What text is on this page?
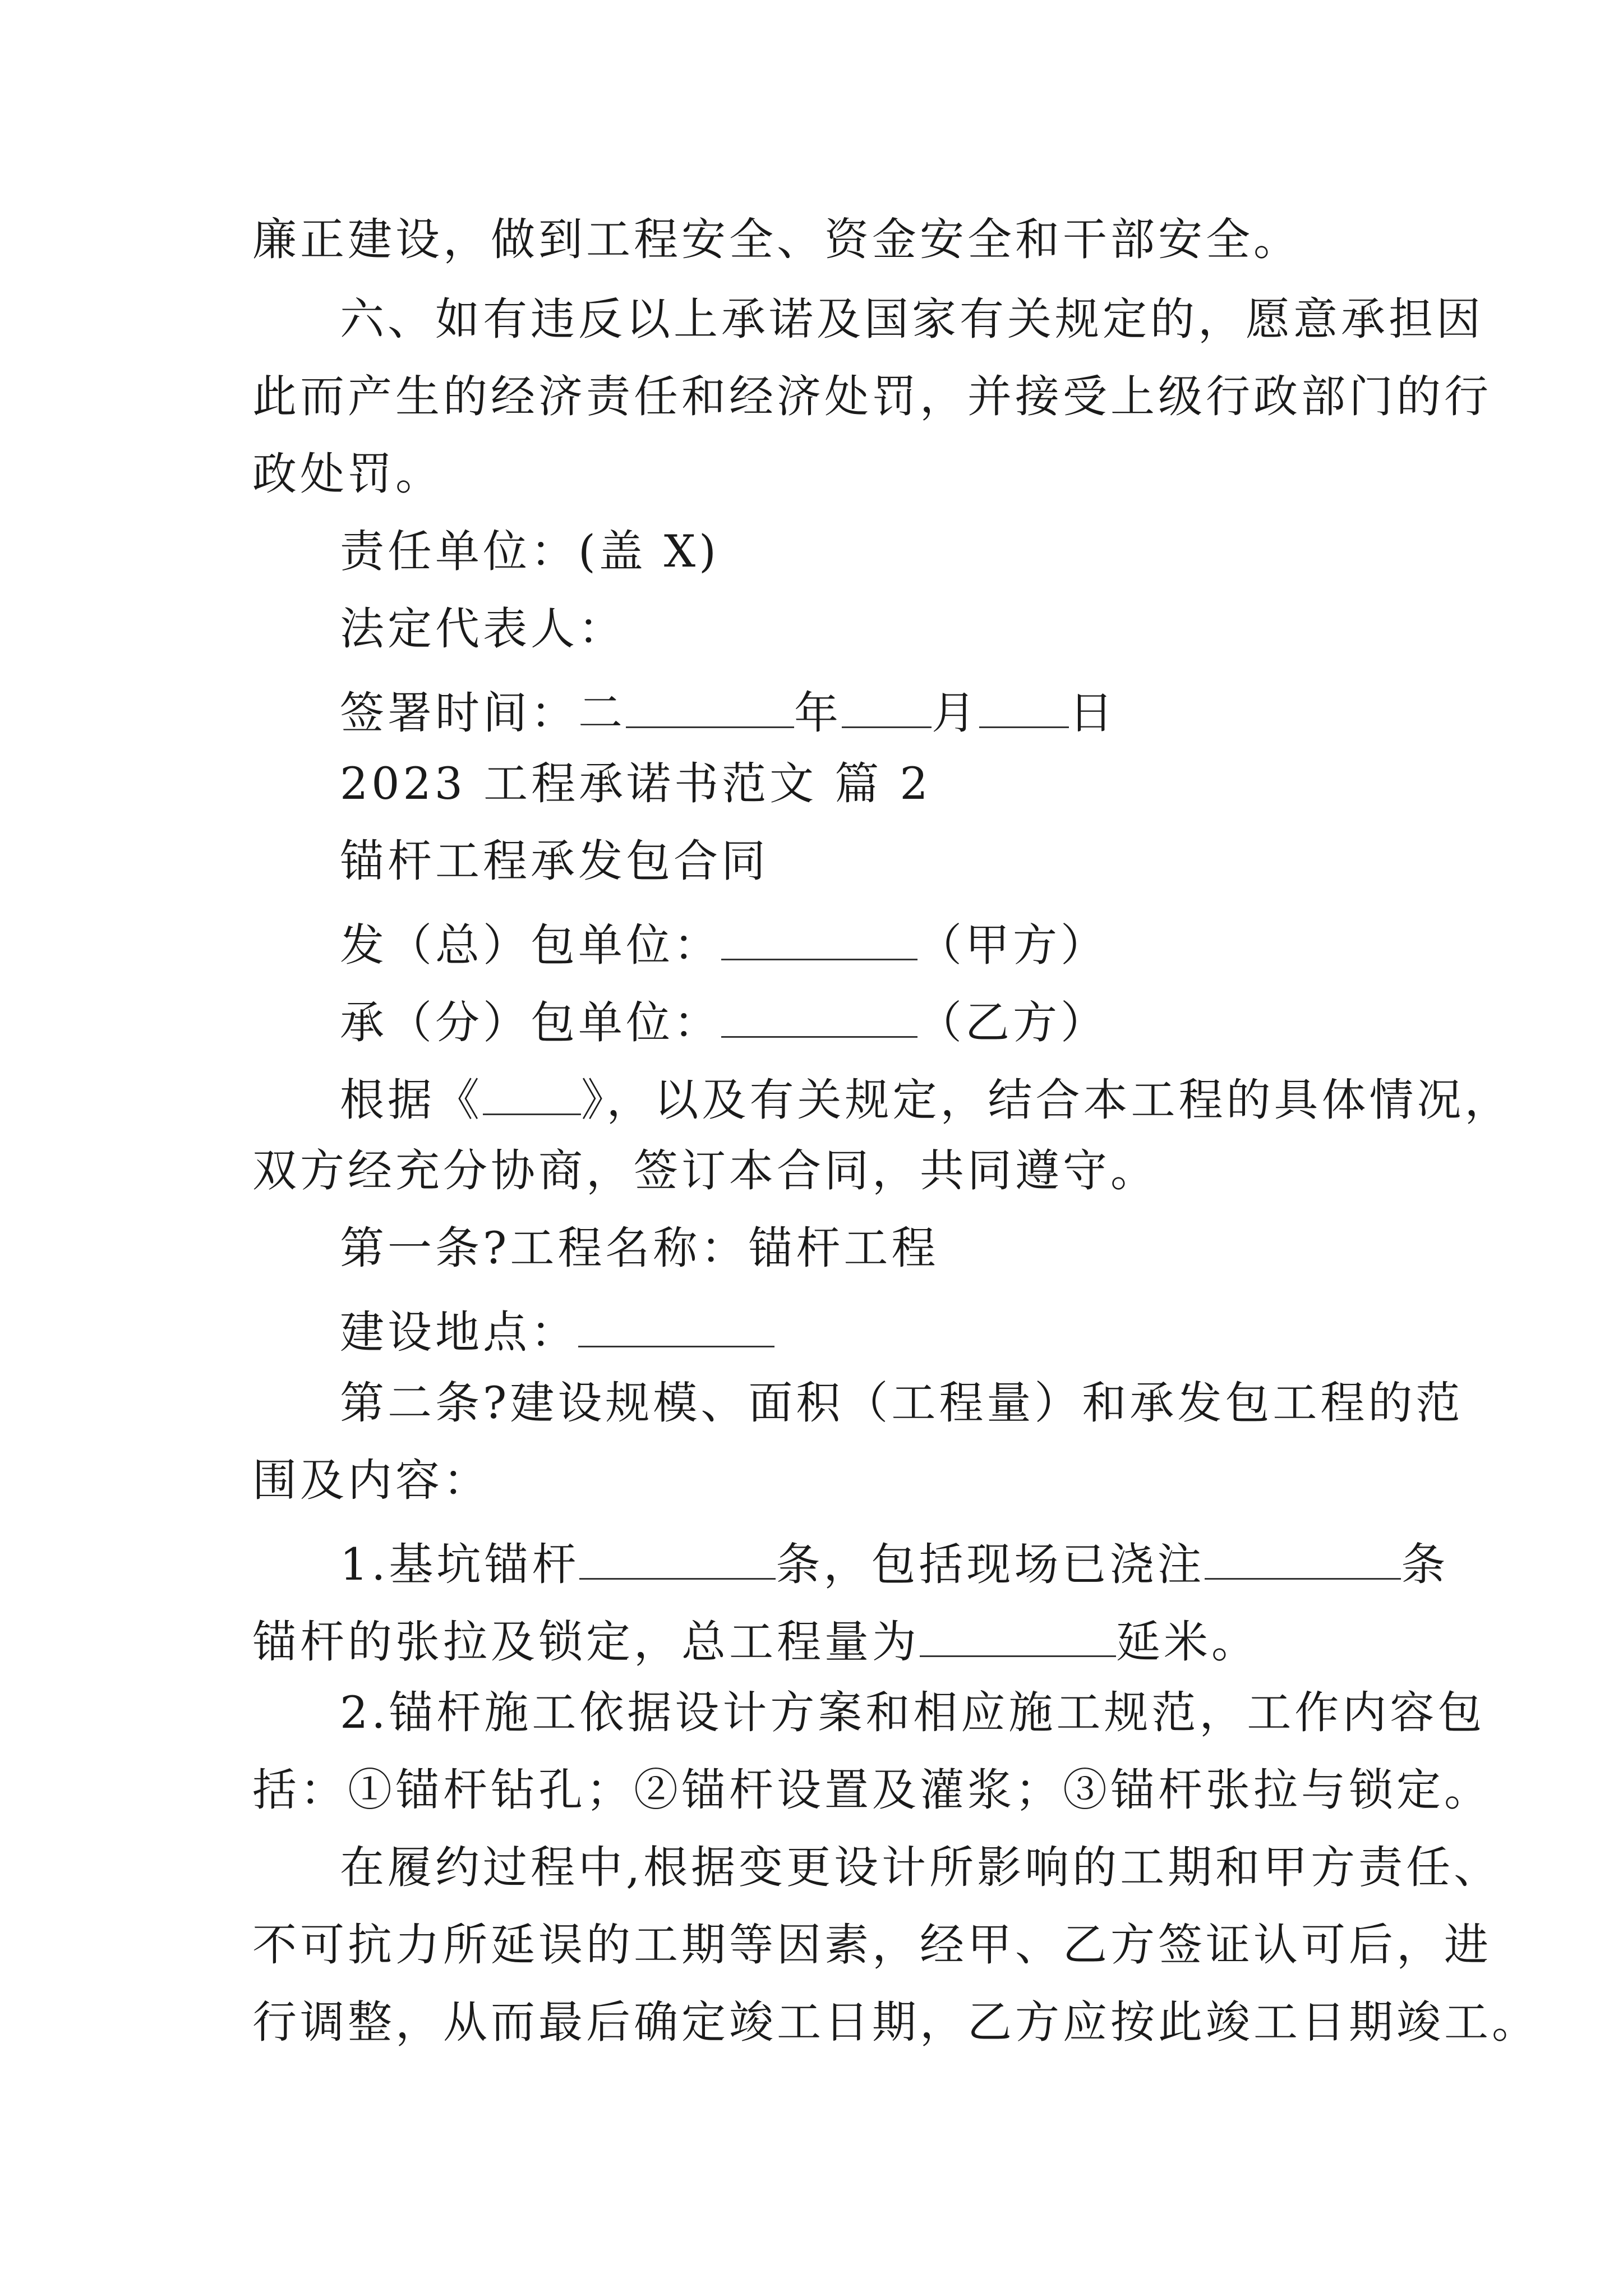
廉正建设，做到工程安全、资金安全和干部安全。
六、如有违反以上承诺及国家有关规定的，愿意承担因
此而产生的经济责任和经济处罚，并接受上级行政部门的行
政处罚。
责任单位：(盖 X)
法定代表人：
签署时间：二	年 月 日
2023 工程承诺书范文 篇 2
锚杆工程承发包合同
发（总）包单位：	（甲方）
承（分）包单位：	（乙方）
根据《 》，以及有关规定，结合本工程的具体情况，
双方经充分协商，签订本合同，共同遵守。
第一条?工程名称：锚杆工程
建设地点：
第二条?建设规模、面积（工程量）和承发包工程的范
围及内容：
1.基坑锚杆	条，包括现场已浇注	条
锚杆的张拉及锁定，总工程量为	延米。
2.锚杆施工依据设计方案和相应施工规范，工作内容包
括：①锚杆钻孔；②锚杆设置及灌浆；③锚杆张拉与锁定。
在履约过程中,根据变更设计所影响的工期和甲方责任、
不可抗力所延误的工期等因素，经甲、乙方签证认可后，进
行调整，从而最后确定竣工日期，乙方应按此竣工日期竣工。
